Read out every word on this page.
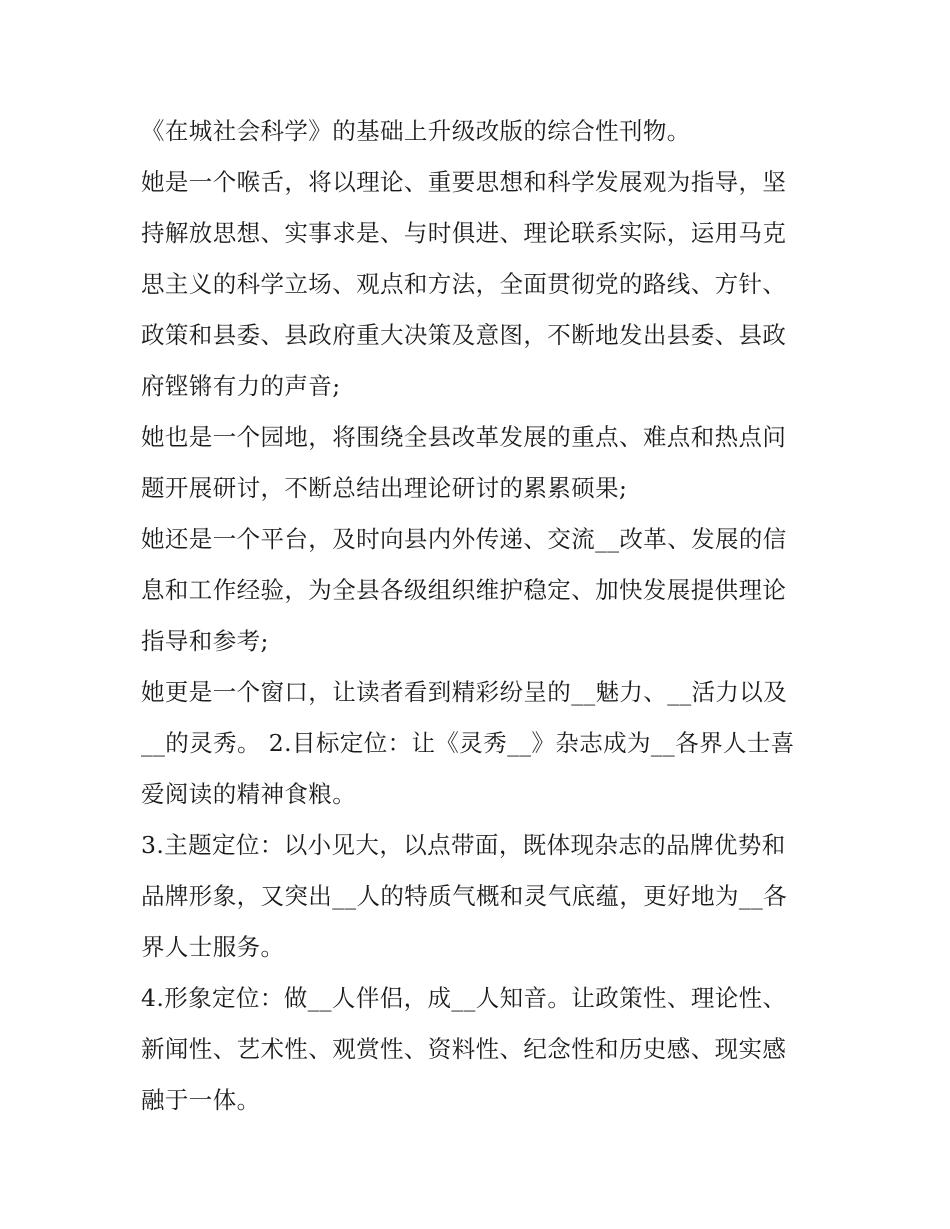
《在城社会科学》的基础上升级改版的综合性刊物。
她是一个喉舌，将以理论、重要思想和科学发展观为指导，坚
持解放思想、实事求是、与时俱进、理论联系实际，运用马克
思主义的科学立场、观点和方法，全面贯彻党的路线、方针、
政策和县委、县政府重大决策及意图，不断地发出县委、县政
府铿锵有力的声音;
她也是一个园地，将围绕全县改革发展的重点、难点和热点问
题开展研讨，不断总结出理论研讨的累累硕果;
她还是一个平台，及时向县内外传递、交流__改革、发展的信
息和工作经验，为全县各级组织维护稳定、加快发展提供理论
指导和参考;
她更是一个窗口，让读者看到精彩纷呈的__魅力、__活力以及
__的灵秀。 2.目标定位：让《灵秀__》杂志成为__各界人士喜
爱阅读的精神食粮。
3.主题定位：以小见大，以点带面，既体现杂志的品牌优势和
品牌形象，又突出__人的特质气概和灵气底蕴，更好地为__各
界人士服务。
4.形象定位：做__人伴侣，成__人知音。让政策性、理论性、
新闻性、艺术性、观赏性、资料性、纪念性和历史感、现实感
融于一体。
